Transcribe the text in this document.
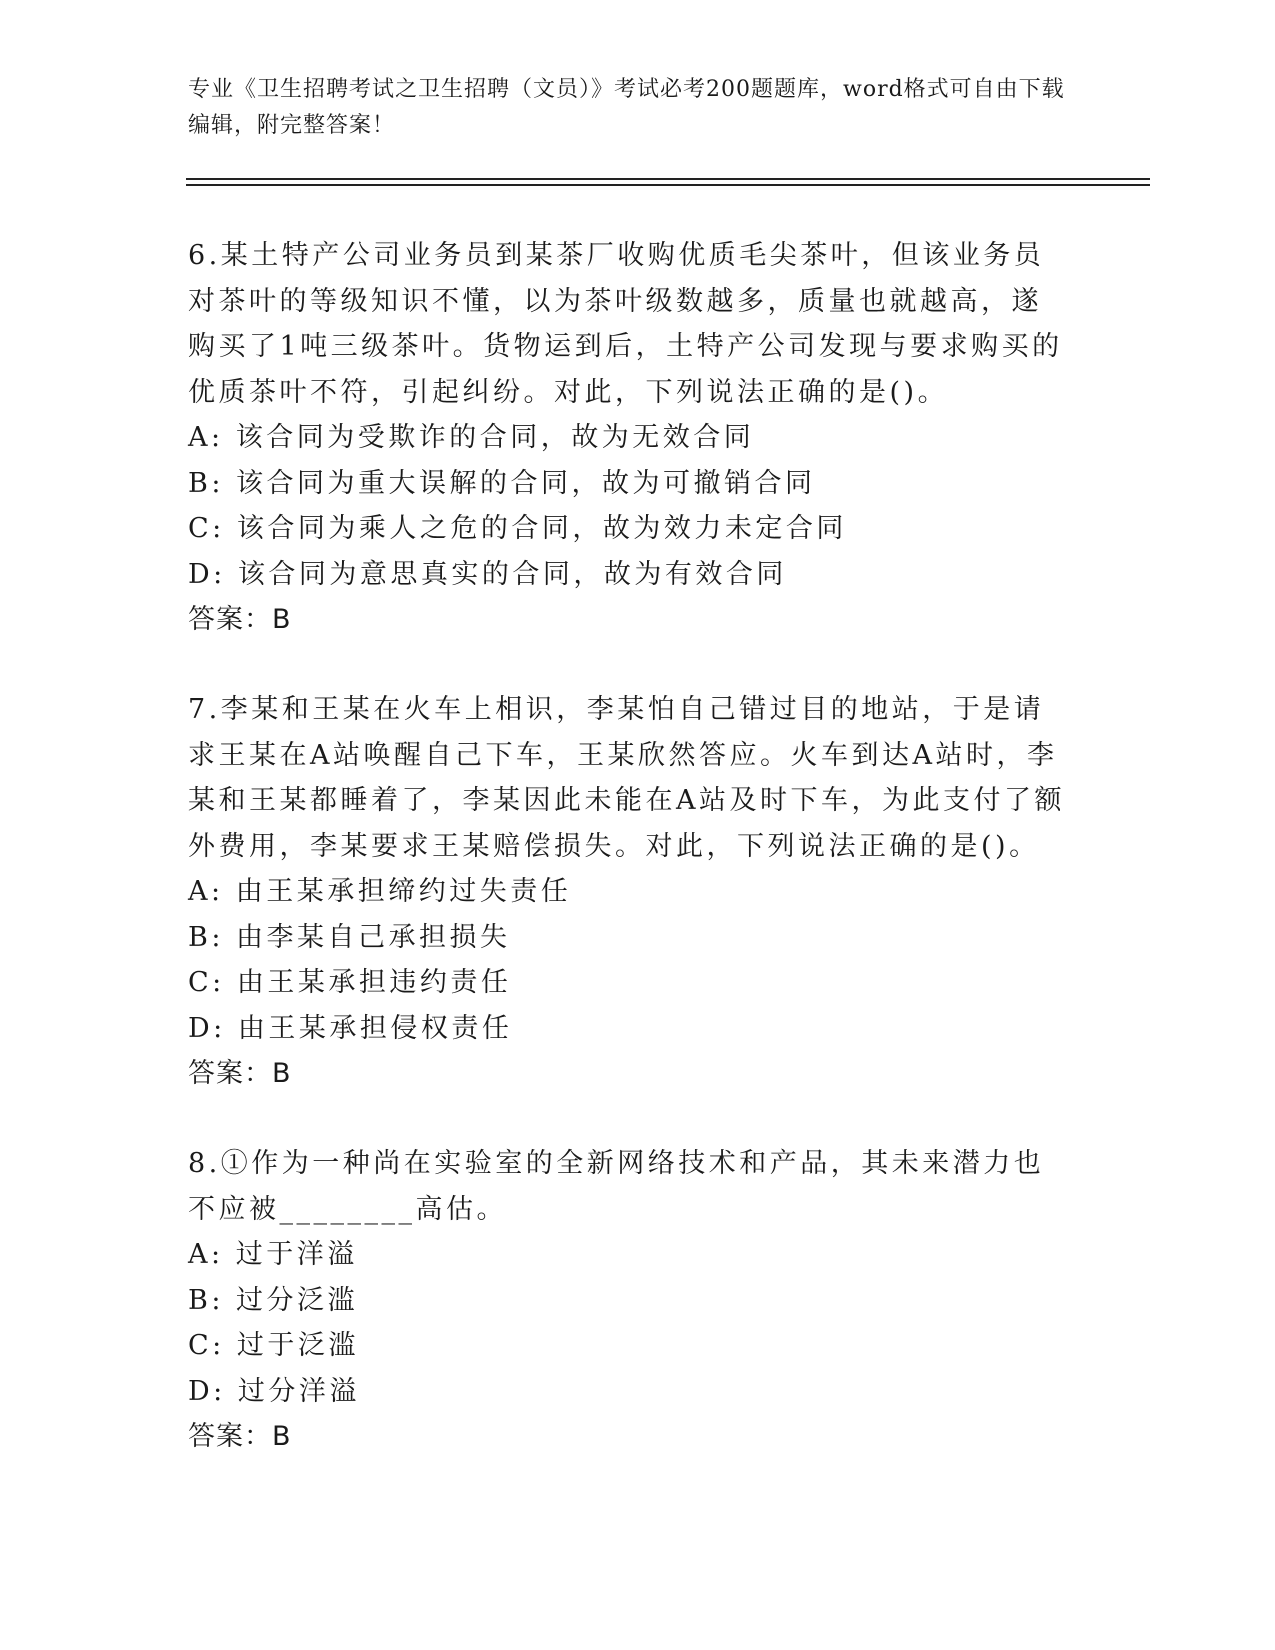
专业《卫生招聘考试之卫生招聘（文员）》考试必考200题题库，word格式可自由下载编辑，附完整答案！

6.某土特产公司业务员到某茶厂收购优质毛尖茶叶，但该业务员对茶叶的等级知识不懂，以为茶叶级数越多，质量也就越高，遂购买了1吨三级茶叶。货物运到后，土特产公司发现与要求购买的优质茶叶不符，引起纠纷。对此，下列说法正确的是()。

A: 该合同为受欺诈的合同，故为无效合同

B: 该合同为重大误解的合同，故为可撤销合同

C: 该合同为乘人之危的合同，故为效力未定合同

D: 该合同为意思真实的合同，故为有效合同

答案：B

7.李某和王某在火车上相识，李某怕自己错过目的地站，于是请求王某在A站唤醒自己下车，王某欣然答应。火车到达A站时，李某和王某都睡着了，李某因此未能在A站及时下车，为此支付了额外费用，李某要求王某赔偿损失。对此，下列说法正确的是()。

A: 由王某承担缔约过失责任

B: 由李某自己承担损失

C: 由王某承担违约责任

D: 由王某承担侵权责任

答案：B

8.①作为一种尚在实验室的全新网络技术和产品，其未来潜力也不应被________高估。

A: 过于洋溢

B: 过分泛滥

C: 过于泛滥

D: 过分洋溢

答案：B
